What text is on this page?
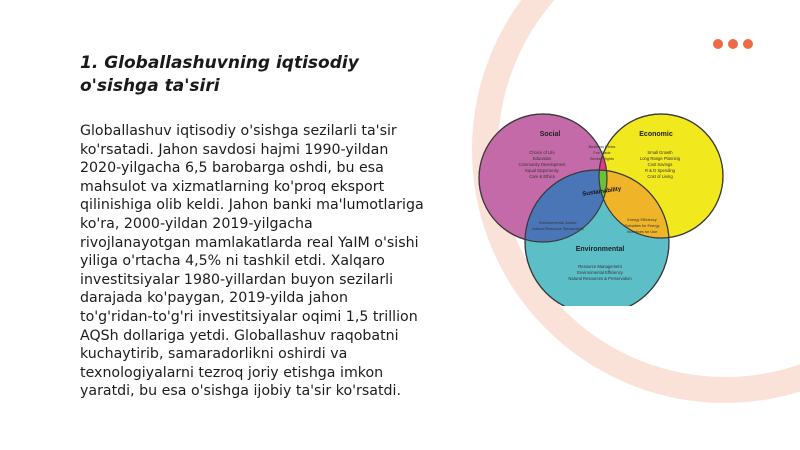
1. Globallashuvning iqtisodiy o'sishga ta'siri

Globallashuv iqtisodiy o'sishga sezilarli ta'sir ko'rsatadi. Jahon savdosi hajmi 1990-yildan 2020-yilgacha 6,5 barobarga oshdi, bu esa mahsulot va xizmatlarning ko'proq eksport qilinishiga olib keldi. Jahon banki ma'lumotlariga ko'ra, 2000-yildan 2019-yilgacha rivojlanayotgan mamlakatlarda real YaIM o'sishi yiliga o'rtacha 4,5% ni tashkil etdi. Xalqaro investitsiyalar 1980-yillardan buyon sezilarli darajada ko'paygan, 2019-yilda jahon to'g'ridan-to'g'ri investitsiyalar oqimi 1,5 trillion AQSh dollariga yetdi. Globallashuv raqobatni kuchaytirib, samaradorlikni oshirdi va texnologiyalarni tezroq joriy etishga imkon yaratdi, bu esa o'sishga ijobiy ta'sir ko'rsatdi.

Social	Economic
Environmental
Choice of Life
Education
Community Development
Equal Opportunity
Care & Ethics
Small Growth
Long Range Planning
Cost Savings
R & D Spending
Cost of Living
Resource Management
Environmental Efficiency
Natural Resources & Preservation
Business Ethics
Fair Trade
Worker Rights
Energy Efficiency
Subsidies for Energy
Incentives for Use
Environmental Justice
Natural Resource Stewardship
Sustainability
